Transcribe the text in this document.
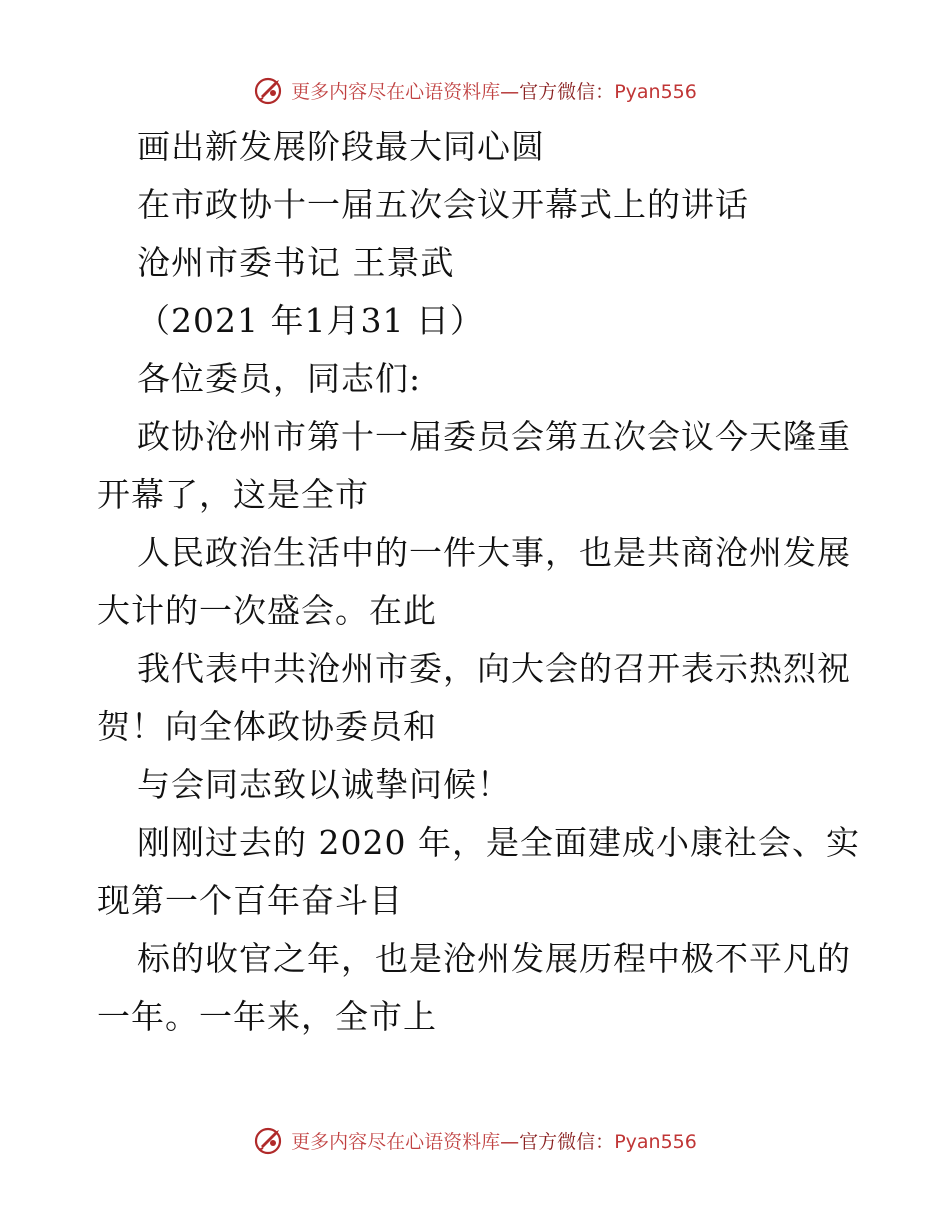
更多内容尽在心语资料库—官方微信：Pyan556
画出新发展阶段最大同心圆
在市政协十一届五次会议开幕式上的讲话
沧州市委书记 王景武
（2021 年1月31 日）
各位委员，同志们:
政协沧州市第十一届委员会第五次会议今天隆重
开幕了，这是全市
人民政治生活中的一件大事，也是共商沧州发展
大计的一次盛会。在此
我代表中共沧州市委，向大会的召开表示热烈祝
贺！向全体政协委员和
与会同志致以诚挚问候！
刚刚过去的 2020 年，是全面建成小康社会、实
现第一个百年奋斗目
标的收官之年，也是沧州发展历程中极不平凡的
一年。一年来，全市上
更多内容尽在心语资料库—官方微信：Pyan556
